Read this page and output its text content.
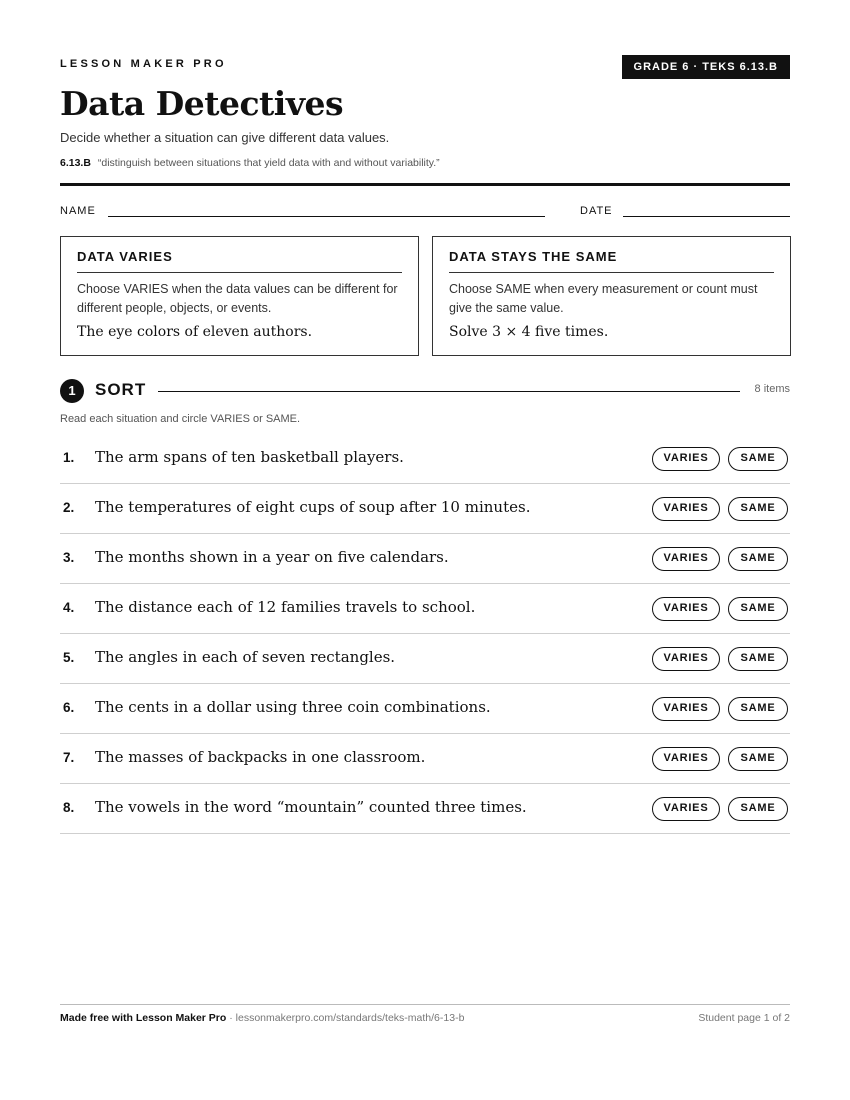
LESSON MAKER PRO	GRADE 6 · TEKS 6.13.B
Data Detectives
Decide whether a situation can give different data values.
6.13.B “distinguish between situations that yield data with and without variability.”
NAME	DATE
DATA VARIES
Choose VARIES when the data values can be different for different people, objects, or events.
The eye colors of eleven authors.
DATA STAYS THE SAME
Choose SAME when every measurement or count must give the same value.
Solve 3 × 4 five times.
1	SORT	8 items
Read each situation and circle VARIES or SAME.
1. The arm spans of ten basketball players.	VARIES	SAME
2. The temperatures of eight cups of soup after 10 minutes.	VARIES	SAME
3. The months shown in a year on five calendars.	VARIES	SAME
4. The distance each of 12 families travels to school.	VARIES	SAME
5. The angles in each of seven rectangles.	VARIES	SAME
6. The cents in a dollar using three coin combinations.	VARIES	SAME
7. The masses of backpacks in one classroom.	VARIES	SAME
8. The vowels in the word “mountain” counted three times.	VARIES	SAME
Made free with Lesson Maker Pro · lessonmakerpro.com/standards/teks-math/6-13-b	Student page 1 of 2
